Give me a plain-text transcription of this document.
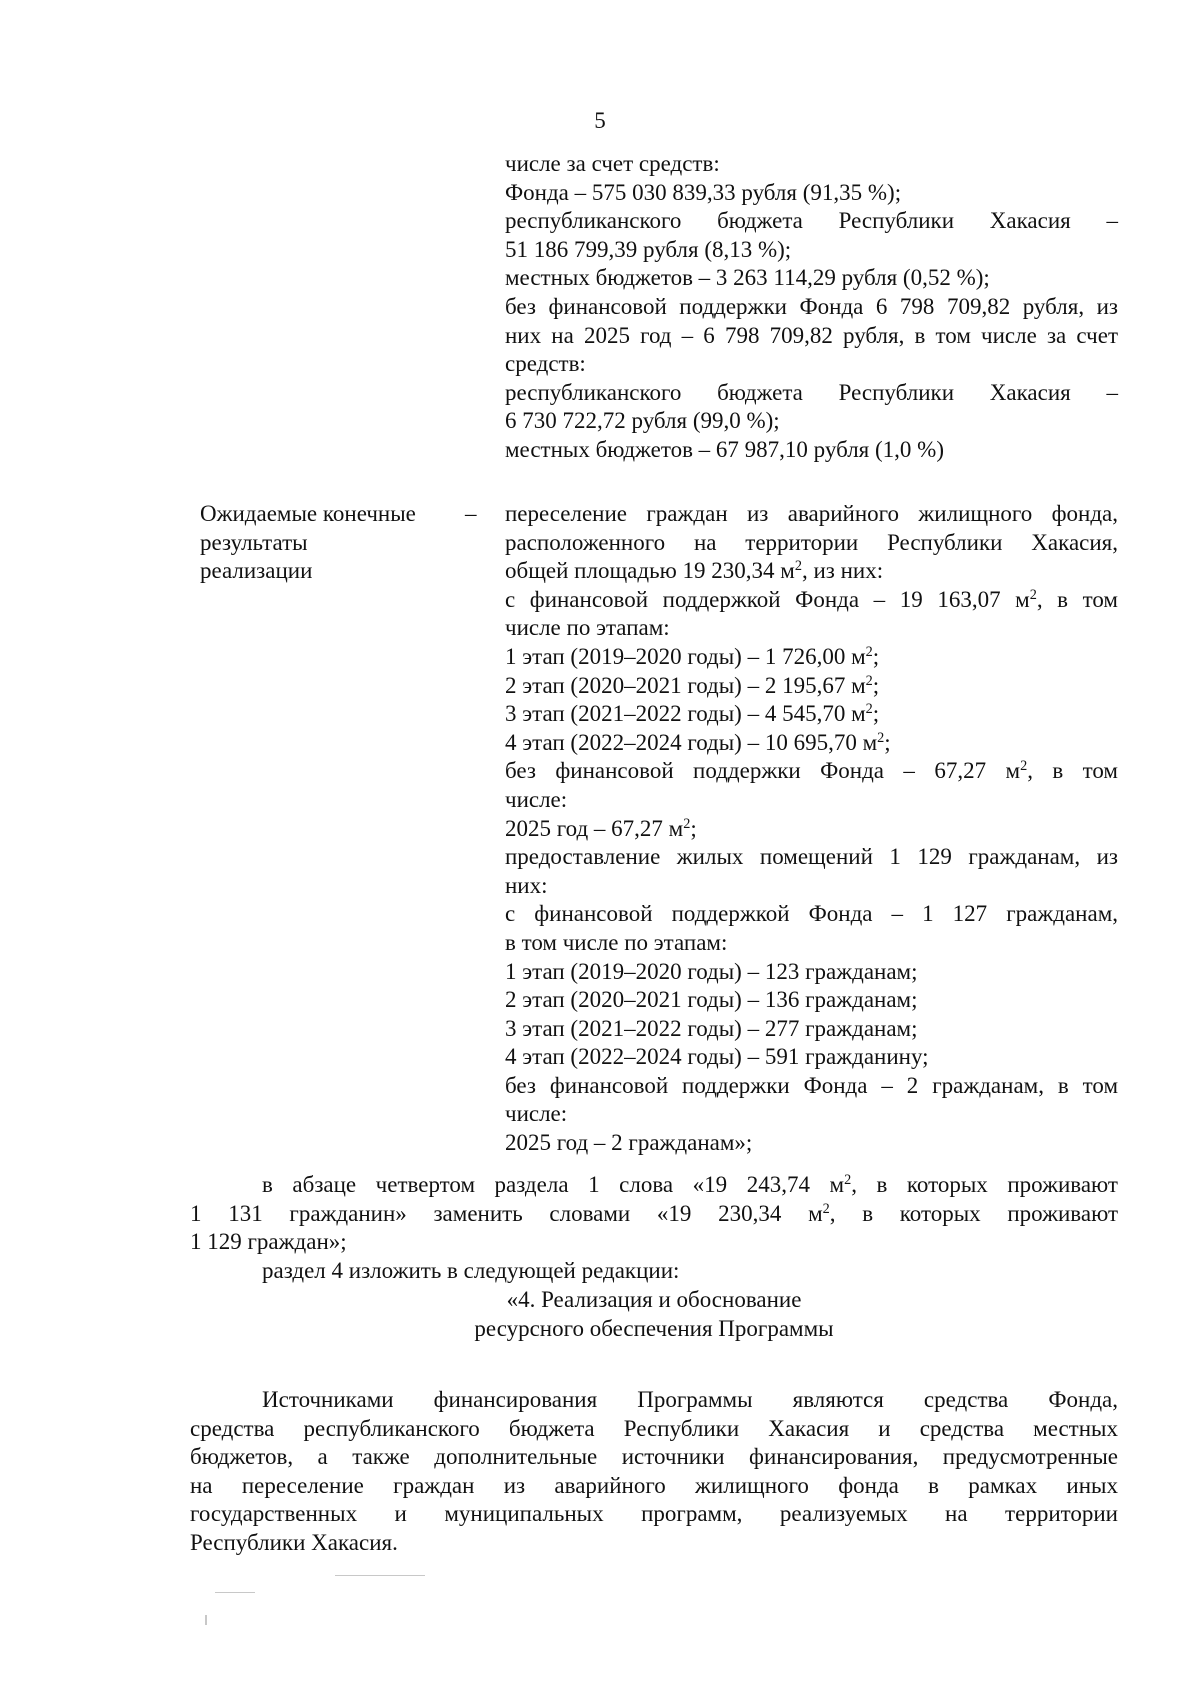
5
числе за счет средств:
Фонда – 575 030 839,33 рубля (91,35 %);
республиканского бюджета Республики Хакасия –
51 186 799,39 рубля (8,13 %);
местных бюджетов – 3 263 114,29 рубля (0,52 %);
без финансовой поддержки Фонда 6 798 709,82 рубля, из
них на 2025 год – 6 798 709,82 рубля, в том числе за счет
средств:
республиканского бюджета Республики Хакасия –
6 730 722,72 рубля (99,0 %);
местных бюджетов – 67 987,10 рубля (1,0 %)
Ожидаемые конечные
результаты
реализации
– переселение граждан из аварийного жилищного фонда,
расположенного на территории Республики Хакасия,
общей площадью 19 230,34 $м^2$, из них:
с финансовой поддержкой Фонда – 19 163,07 $м^2$, в том
числе по этапам:
1 этап (2019–2020 годы) – 1 726,00 $м^2$;
2 этап (2020–2021 годы) – 2 195,67 $м^2$;
3 этап (2021–2022 годы) – 4 545,70 $м^2$;
4 этап (2022–2024 годы) – 10 695,70 $м^2$;
без финансовой поддержки Фонда – 67,27 $м^2$, в том
числе:
2025 год – 67,27 $м^2$;
предоставление жилых помещений 1 129 гражданам, из
них:
с финансовой поддержкой Фонда – 1 127 гражданам,
в том числе по этапам:
1 этап (2019–2020 годы) – 123 гражданам;
2 этап (2020–2021 годы) – 136 гражданам;
3 этап (2021–2022 годы) – 277 гражданам;
4 этап (2022–2024 годы) – 591 гражданину;
без финансовой поддержки Фонда – 2 гражданам, в том
числе:
2025 год – 2 гражданам»;
в абзаце четвертом раздела 1 слова «19 243,74 $м^2$, в которых проживают
1 131 гражданин» заменить словами «19 230,34 $м^2$, в которых проживают
1 129 граждан»;
раздел 4 изложить в следующей редакции:
«4. Реализация и обоснование
ресурсного обеспечения Программы
Источниками финансирования Программы являются средства Фонда,
средства республиканского бюджета Республики Хакасия и средства местных
бюджетов, а также дополнительные источники финансирования, предусмотренные
на переселение граждан из аварийного жилищного фонда в рамках иных
государственных и муниципальных программ, реализуемых на территории
Республики Хакасия.
